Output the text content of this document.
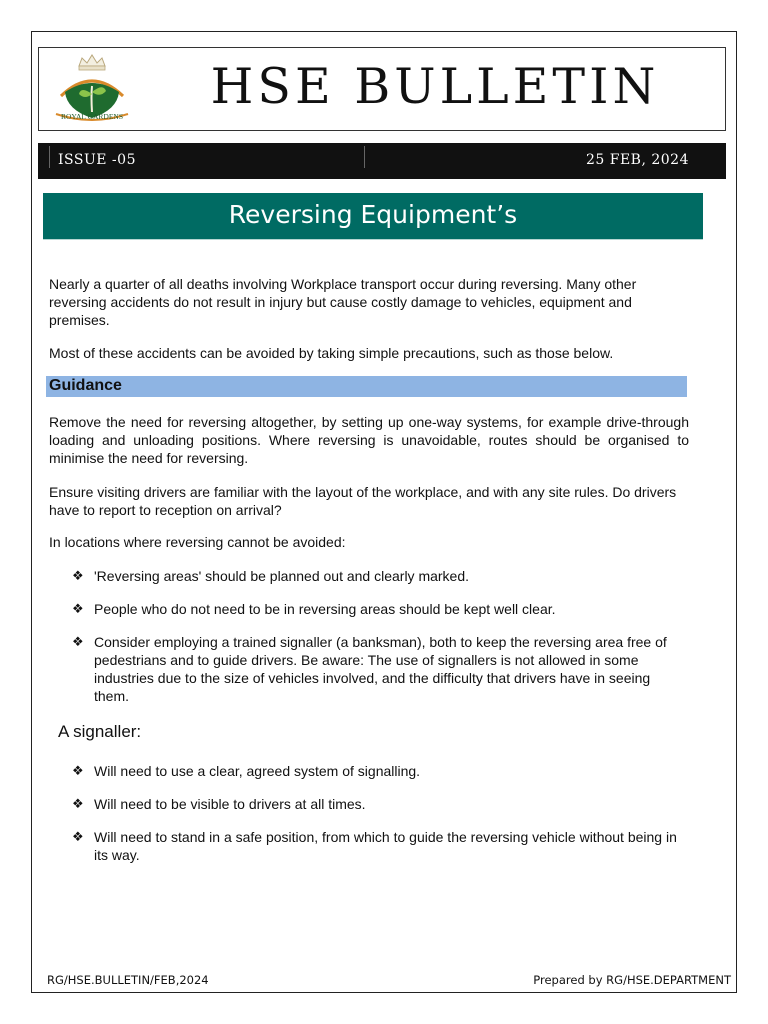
ROYAL GARDENS
HSE BULLETIN
ISSUE -05	25 FEB, 2024
Reversing Equipment’s

Nearly a quarter of all deaths involving Workplace transport occur during reversing. Many other reversing accidents do not result in injury but cause costly damage to vehicles, equipment and premises.

Most of these accidents can be avoided by taking simple precautions, such as those below.

Guidance

Remove the need for reversing altogether, by setting up one-way systems, for example drive-through loading and unloading positions. Where reversing is unavoidable, routes should be organised to minimise the need for reversing.

Ensure visiting drivers are familiar with the layout of the workplace, and with any site rules. Do drivers have to report to reception on arrival?

In locations where reversing cannot be avoided:

❖ 'Reversing areas' should be planned out and clearly marked.
❖ People who do not need to be in reversing areas should be kept well clear.
❖ Consider employing a trained signaller (a banksman), both to keep the reversing area free of pedestrians and to guide drivers. Be aware: The use of signallers is not allowed in some industries due to the size of vehicles involved, and the difficulty that drivers have in seeing them.
A signaller:
❖ Will need to use a clear, agreed system of signalling.
❖ Will need to be visible to drivers at all times.
❖ Will need to stand in a safe position, from which to guide the reversing vehicle without being in its way.
RG/HSE.BULLETIN/FEB,2024	Prepared by RG/HSE.DEPARTMENT
